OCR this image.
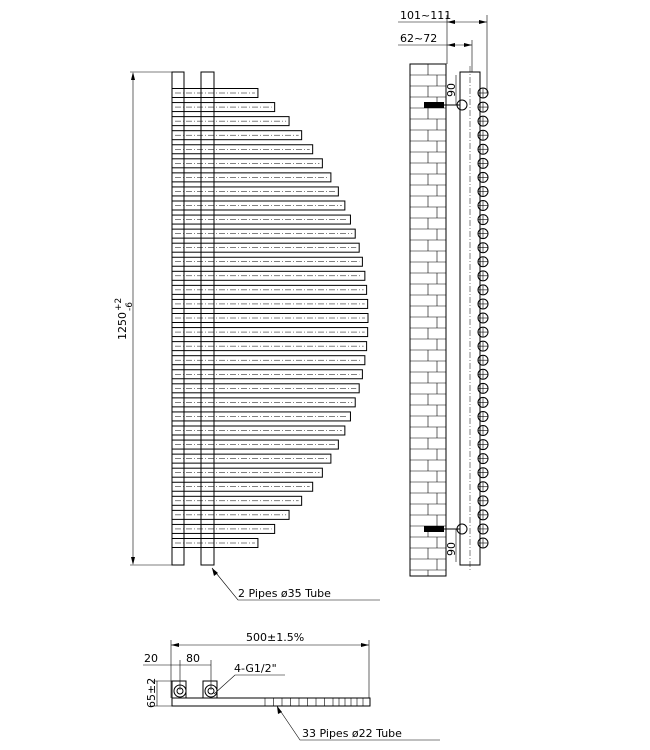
1250
+2 -6
2 Pipes ø35 Tube
90
90
101~111
62~72
500±1.5%
20	80
65±2
4-G1/2"
33 Pipes ø22 Tube
